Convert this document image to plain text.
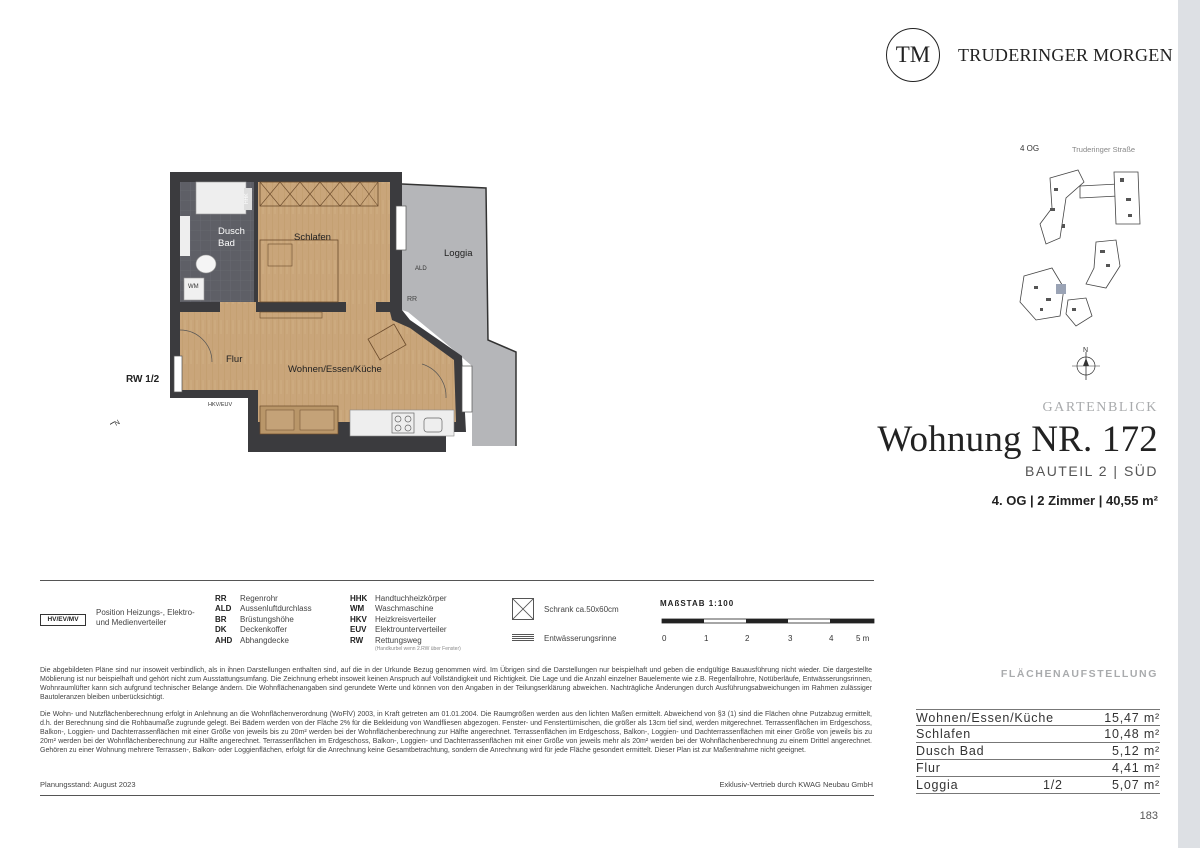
TM	TRUDERINGER MORGEN
Dusch
Bad
Schlafen
Loggia
Flur
Wohnen/Essen/Küche
RW 1/2
HHK
WM
ALD
RR
HKV/EUV
N
4 OG	Truderinger Straße
N
GARTENBLICK
Wohnung NR. 172
BAUTEIL 2 | SÜD
4. OG | 2 Zimmer | 40,55 m²
HV/EV/MV
Position Heizungs-, Elektro- und Medienverteiler
RR	Regenrohr
ALD	Aussenluftdurchlass
BR	Brüstungshöhe
DK	Deckenkoffer
AHD Abhangdecke
HHK Handtuchheizkörper
WM	Waschmaschine
HKV	Heizkreisverteiler
EUV	Elektrounterverteiler
RW	Rettungsweg
(Handkurbel wenn 2.RW über Fenster)
Schrank ca.50x60cm
Entwässerungsrinne
MAßSTAB 1:100
0	1	2	3	4	5 m
Die abgebildeten Pläne sind nur insoweit verbindlich, als in ihnen Darstellungen enthalten sind, auf die in der Urkunde Bezug genommen wird. Im Übrigen sind die Darstellungen nur beispielhaft und geben die endgültige Bauausführung nicht wieder. Die dargestellte Möblierung ist nur beispielhaft und gehört nicht zum Ausstattungsumfang. Die Zeichnung erhebt insoweit keinen Anspruch auf Vollständigkeit und Richtigkeit. Die Lage und die Anzahl einzelner Bauelemente wie z.B. Regenfallrohre, Notüberläufe, Entwässerungsrinnen, Wohnraumlüfter kann sich aufgrund technischer Belange ändern. Die Wohnflächenangaben sind gerundete Werte und können von den Angaben in der Teilungserklärung abweichen. Nachträgliche Änderungen durch Ausführungsabweichungen im Rahmen zulässiger Bautoleranzen bleiben unberücksichtigt.
Die Wohn- und Nutzflächenberechnung erfolgt in Anlehnung an die Wohnflächenverordnung (WoFlV) 2003, in Kraft getreten am 01.01.2004. Die Raumgrößen werden aus den lichten Maßen ermittelt. Abweichend von §3 (1) sind die Flächen ohne Putzabzug ermittelt, d.h. der Berechnung sind die Rohbaumaße zugrunde gelegt. Bei Bädern werden von der Fläche 2% für die Bekleidung von Wandfliesen abgezogen. Fenster- und Fenstertürnischen, die größer als 13cm tief sind, werden mitgerechnet. Terrassenflächen im Erdgeschoss, Balkon-, Loggien- und Dachterrassenflächen mit einer Größe von jeweils bis zu 20m² werden bei der Wohnflächenberechnung zur Hälfte angerechnet. Terrassenflächen im Erdgeschoss, Balkon-, Loggien- und Dachterrassenflächen mit einer Größe von jeweils bis zu 20m² werden bei der Wohnflächenberechnung zur Hälfte angerechnet. Terrassenflächen im Erdgeschoss, Balkon-, Loggien- und Dachterrassenflächen mit einer Größe von jeweils mehr als 20m² werden bei der Wohnflächenberechnung zu einem Drittel angerechnet. Gehören zu einer Wohnung mehrere Terrassen-, Balkon- oder Loggienflächen, erfolgt für die Anrechnung keine Gesamtbetrachtung, sondern die Anrechnung wird für jede Fläche gesondert ermittelt. Dieser Plan ist zur Maßentnahme nicht geeignet.
Planungsstand: August 2023	Exklusiv-Vertrieb durch KWAG Neubau GmbH
FLÄCHENAUFSTELLUNG
Wohnen/Essen/Küche	15,47 m²
Schlafen	10,48 m²
Dusch Bad	5,12 m²
Flur	4,41 m²
Loggia	1/2	5,07 m²
183
